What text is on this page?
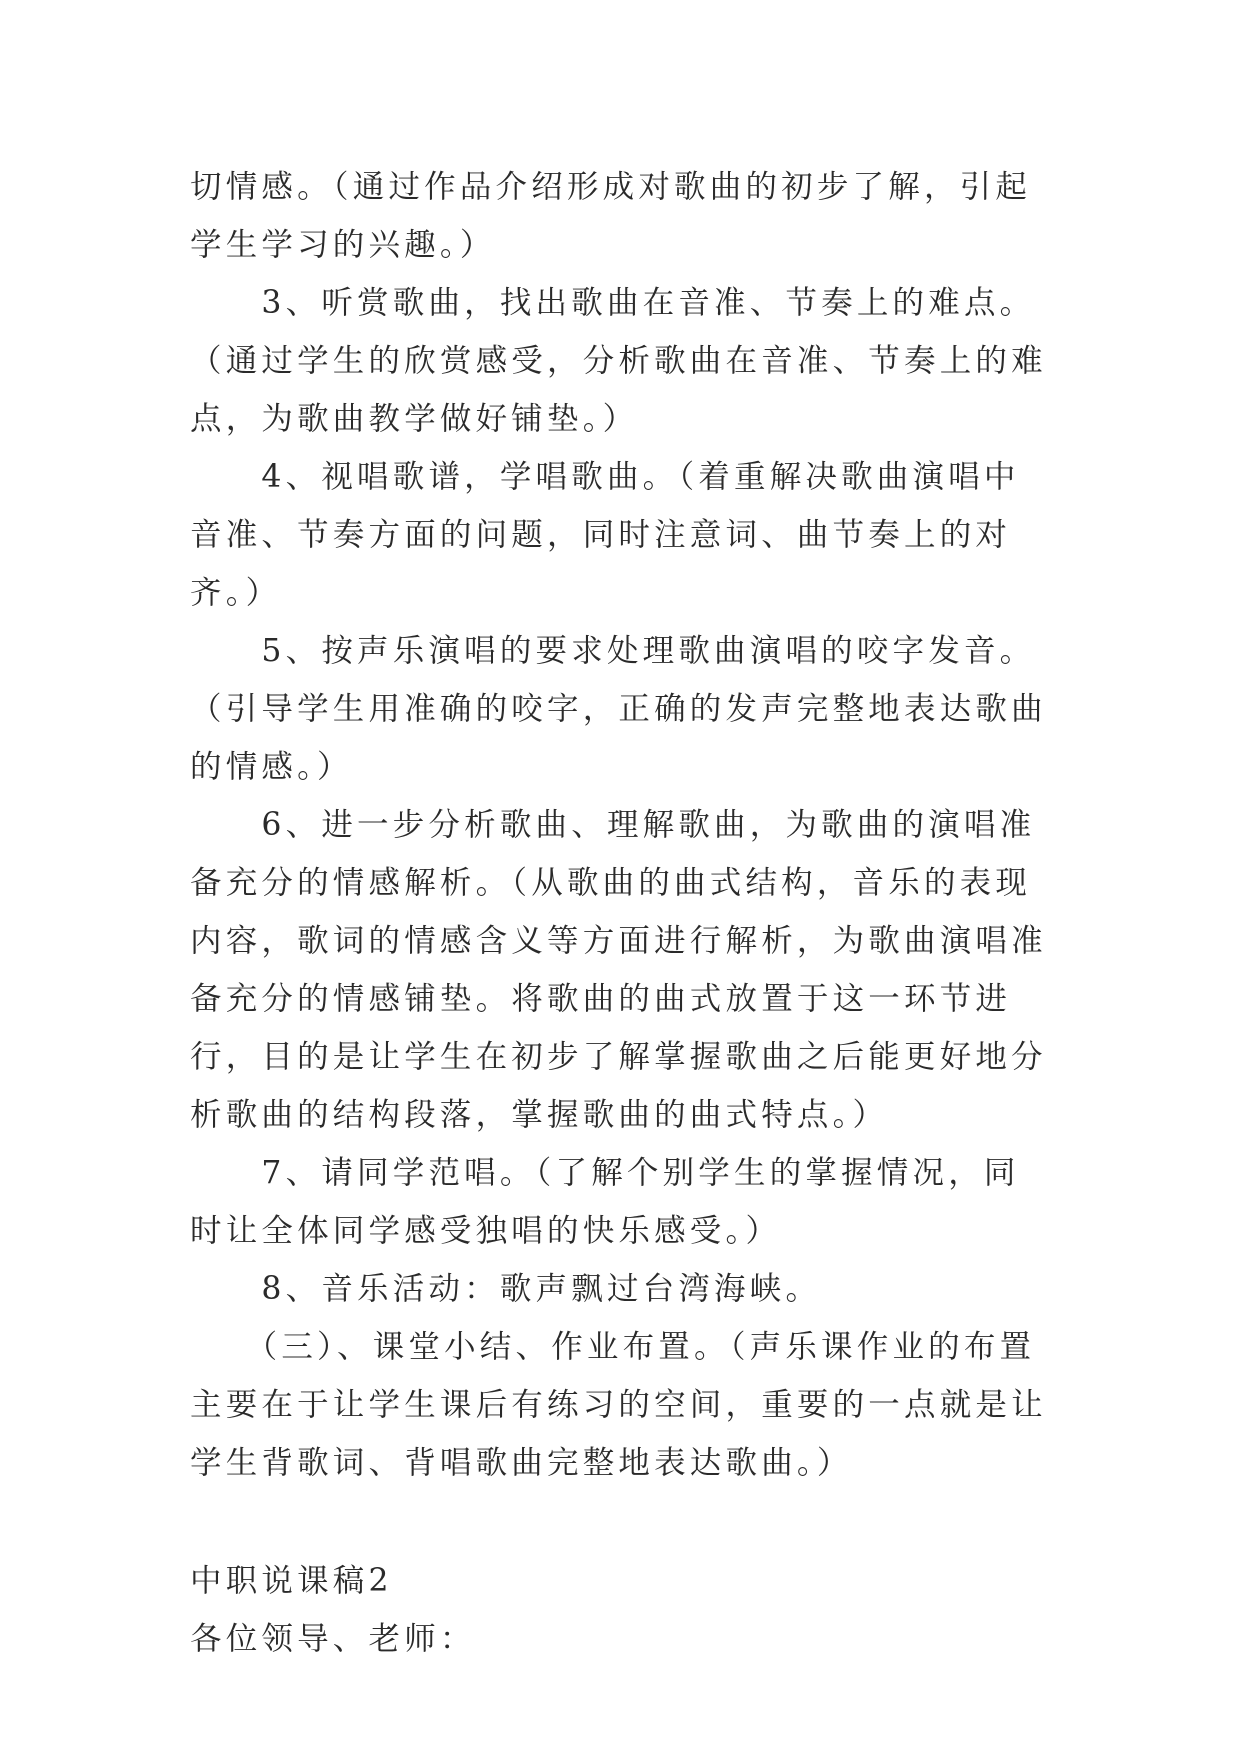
切情感。（通过作品介绍形成对歌曲的初步了解，引起学生学习的兴趣。）

　　3、听赏歌曲，找出歌曲在音准、节奏上的难点。（通过学生的欣赏感受，分析歌曲在音准、节奏上的难点，为歌曲教学做好铺垫。）

　　4、视唱歌谱，学唱歌曲。（着重解决歌曲演唱中音准、节奏方面的问题，同时注意词、曲节奏上的对齐。）

　　5、按声乐演唱的要求处理歌曲演唱的咬字发音。（引导学生用准确的咬字，正确的发声完整地表达歌曲的情感。）

　　6、进一步分析歌曲、理解歌曲，为歌曲的演唱准备充分的情感解析。（从歌曲的曲式结构，音乐的表现内容，歌词的情感含义等方面进行解析，为歌曲演唱准备充分的情感铺垫。将歌曲的曲式放置于这一环节进行，目的是让学生在初步了解掌握歌曲之后能更好地分析歌曲的结构段落，掌握歌曲的曲式特点。）

　　7、请同学范唱。（了解个别学生的掌握情况，同时让全体同学感受独唱的快乐感受。）

　　8、音乐活动：歌声飘过台湾海峡。

　　（三）、课堂小结、作业布置。（声乐课作业的布置主要在于让学生课后有练习的空间，重要的一点就是让学生背歌词、背唱歌曲完整地表达歌曲。）

中职说课稿2

各位领导、老师：
